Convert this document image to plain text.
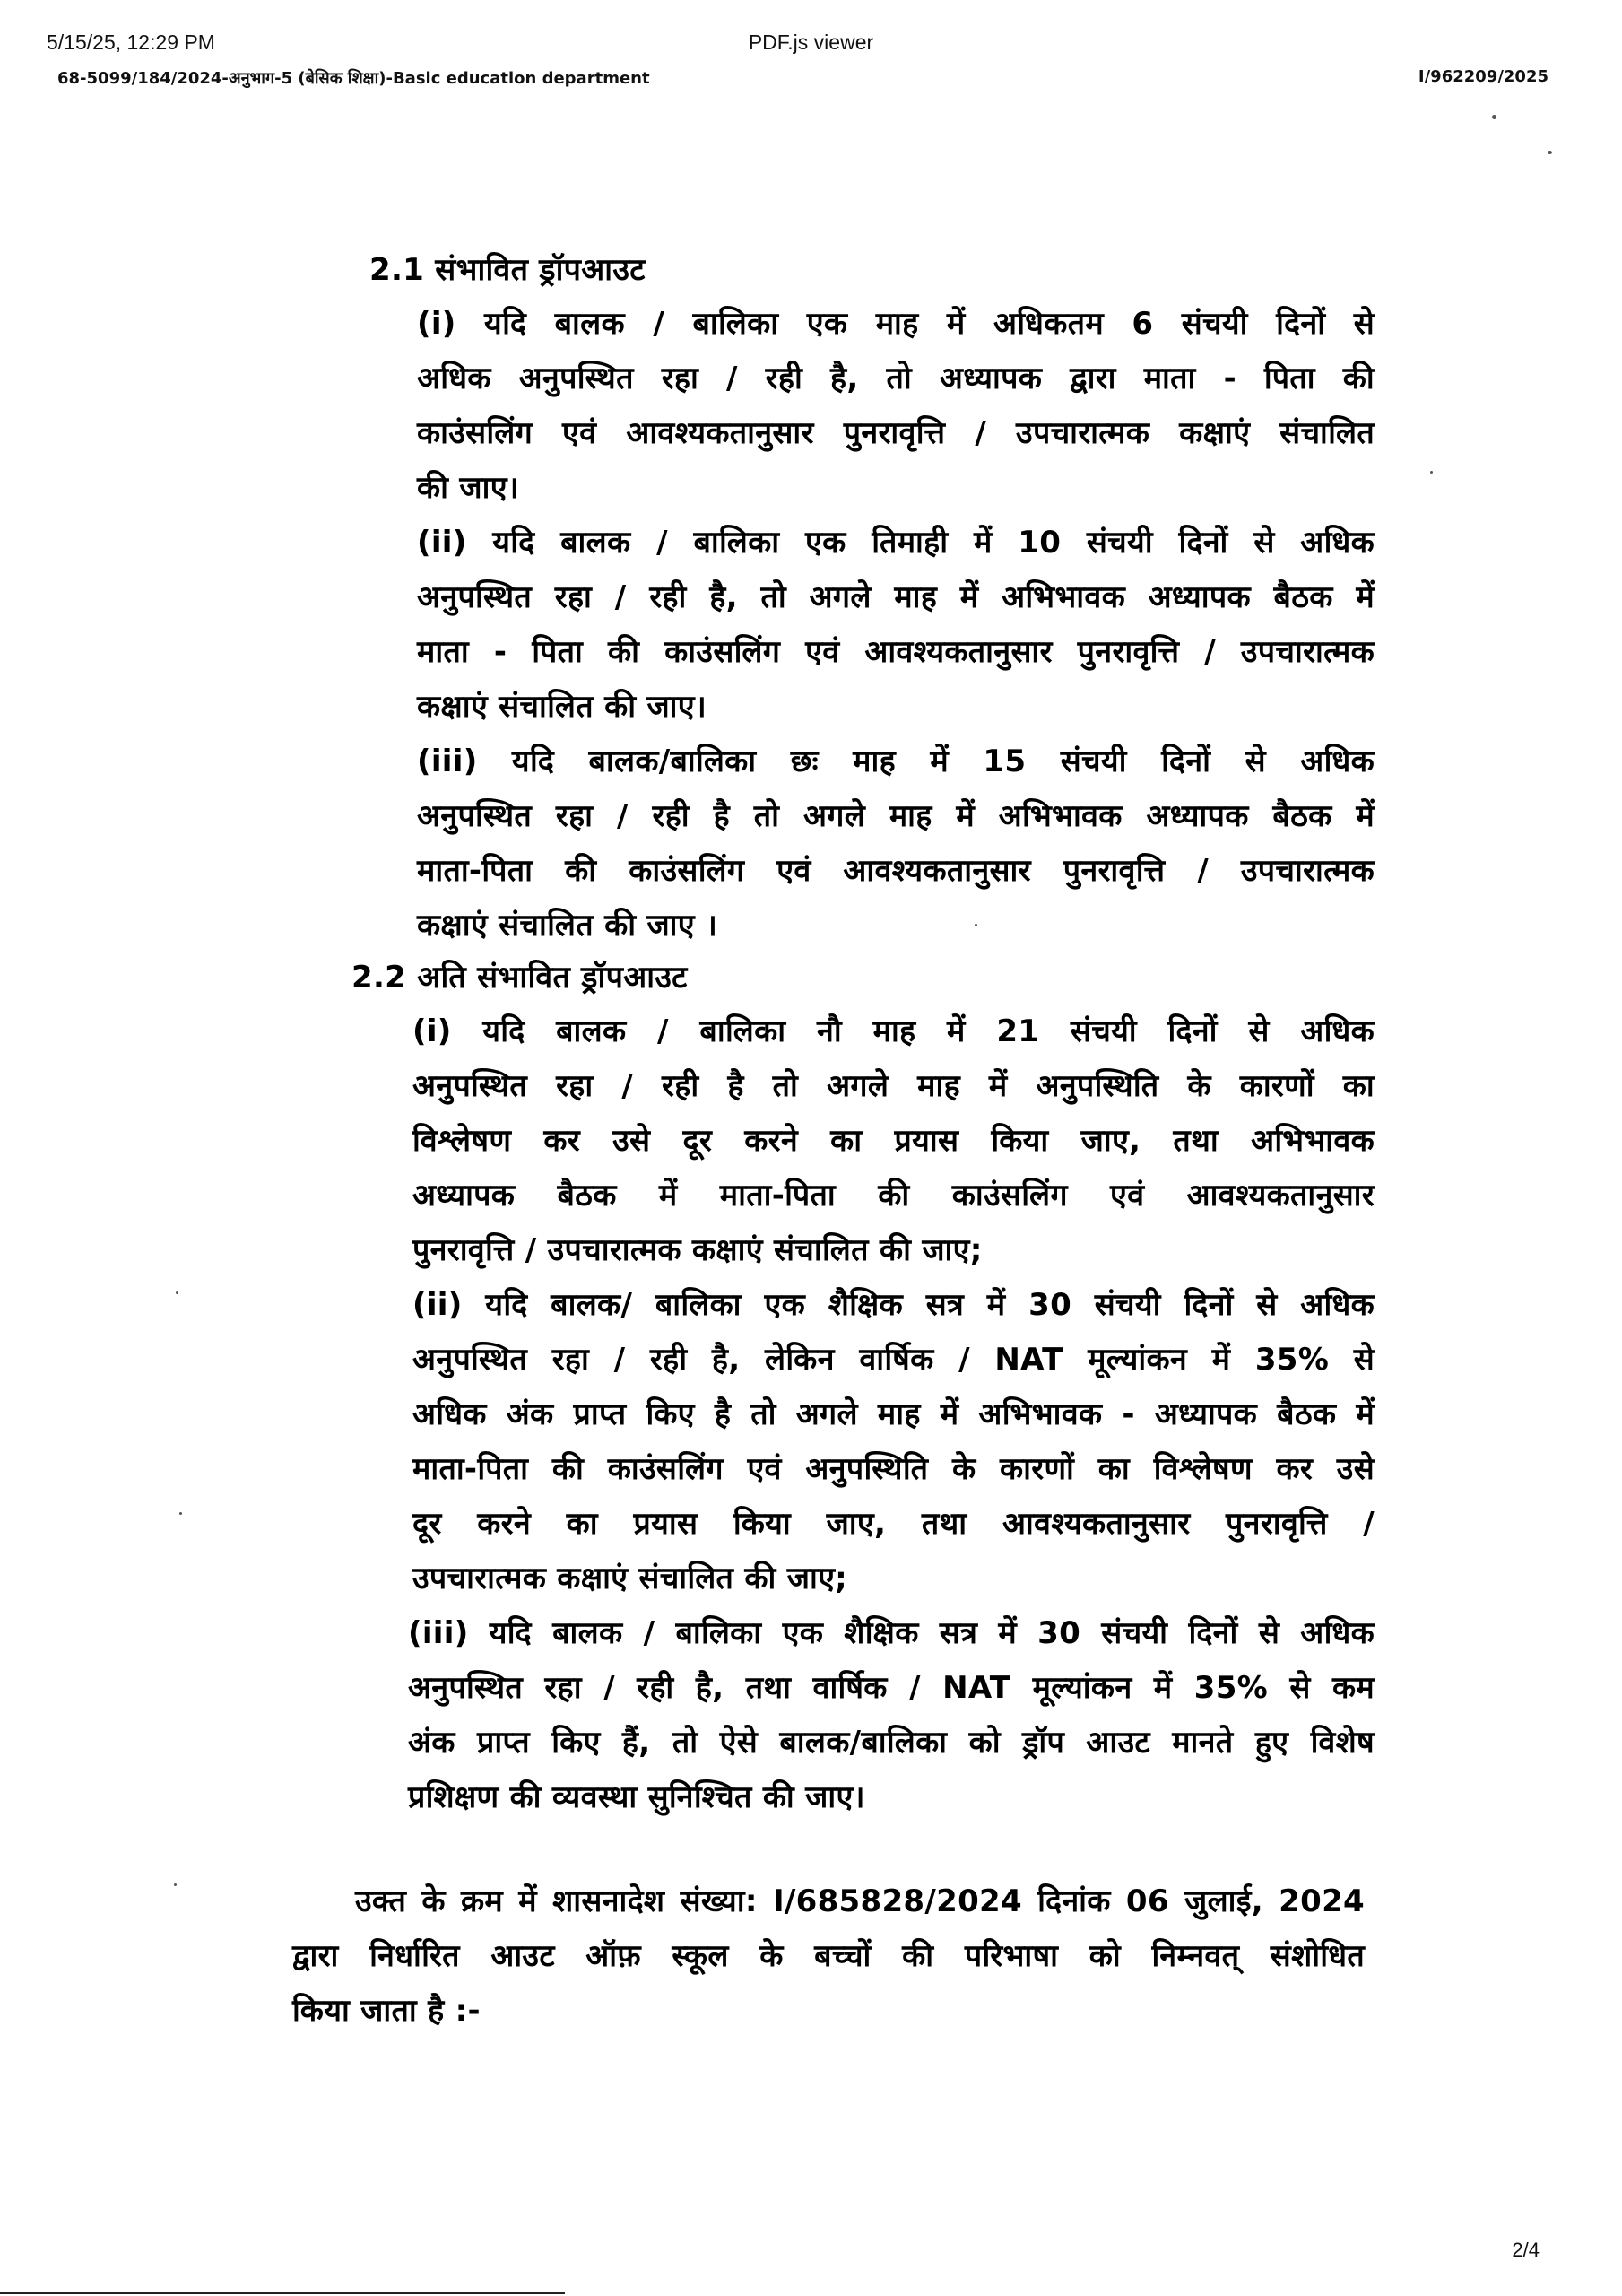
5/15/25, 12:29 PM	PDF.js viewer
68-5099/184/2024-अनुभाग-5 (बेसिक शिक्षा)-Basic education department	I/962209/2025
2.1 संभावित ड्रॉपआउट
(i) यदि बालक / बालिका एक माह में अधिकतम 6 संचयी दिनों से
अधिक अनुपस्थित रहा / रही है, तो अध्यापक द्वारा माता - पिता की
काउंसलिंग एवं आवश्यकतानुसार पुनरावृत्ति / उपचारात्मक कक्षाएं संचालित
की जाए।
(ii) यदि बालक / बालिका एक तिमाही में 10 संचयी दिनों से अधिक
अनुपस्थित रहा / रही है, तो अगले माह में अभिभावक अध्यापक बैठक में
माता - पिता की काउंसलिंग एवं आवश्यकतानुसार पुनरावृत्ति / उपचारात्मक
कक्षाएं संचालित की जाए।
(iii) यदि बालक/बालिका छः माह में 15 संचयी दिनों से अधिक
अनुपस्थित रहा / रही है तो अगले माह में अभिभावक अध्यापक बैठक में
माता-पिता की काउंसलिंग एवं आवश्यकतानुसार पुनरावृत्ति / उपचारात्मक
कक्षाएं संचालित की जाए ।
2.2 अति संभावित ड्रॉपआउट
(i) यदि बालक / बालिका नौ माह में 21 संचयी दिनों से अधिक
अनुपस्थित रहा / रही है तो अगले माह में अनुपस्थिति के कारणों का
विश्लेषण कर उसे दूर करने का प्रयास किया जाए, तथा अभिभावक
अध्यापक बैठक में माता-पिता की काउंसलिंग एवं आवश्यकतानुसार
पुनरावृत्ति / उपचारात्मक कक्षाएं संचालित की जाए;
(ii) यदि बालक/ बालिका एक शैक्षिक सत्र में 30 संचयी दिनों से अधिक
अनुपस्थित रहा / रही है, लेकिन वार्षिक / NAT मूल्यांकन में 35% से
अधिक अंक प्राप्त किए है तो अगले माह में अभिभावक - अध्यापक बैठक में
माता-पिता की काउंसलिंग एवं अनुपस्थिति के कारणों का विश्लेषण कर उसे
दूर करने का प्रयास किया जाए, तथा आवश्यकतानुसार पुनरावृत्ति /
उपचारात्मक कक्षाएं संचालित की जाए;
(iii) यदि बालक / बालिका एक शैक्षिक सत्र में 30 संचयी दिनों से अधिक
अनुपस्थित रहा / रही है, तथा वार्षिक / NAT मूल्यांकन में 35% से कम
अंक प्राप्त किए हैं, तो ऐसे बालक/बालिका को ड्रॉप आउट मानते हुए विशेष
प्रशिक्षण की व्यवस्था सुनिश्चित की जाए।
उक्त के क्रम में शासनादेश संख्या: I/685828/2024 दिनांक 06 जुलाई, 2024
द्वारा निर्धारित आउट ऑफ़ स्कूल के बच्चों की परिभाषा को निम्नवत् संशोधित
किया जाता है :-
2/4
